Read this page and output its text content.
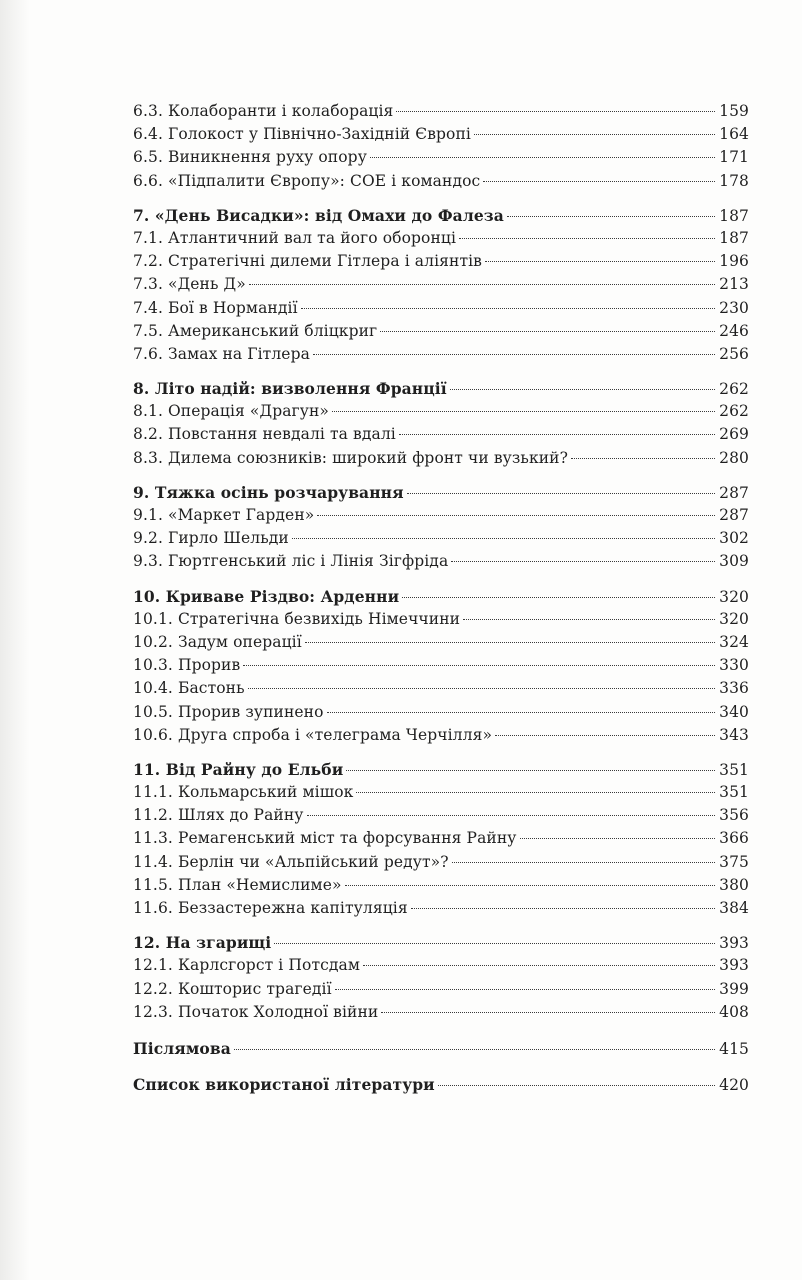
6.3. Колаборанти і колаборація	159
6.4. Голокост у Північно-Західній Європі	164
6.5. Виникнення руху опору	171
6.6. «Підпалити Європу»: СОЕ і командос	178
7. «День Висадки»: від Омахи до Фалеза	187
7.1. Атлантичний вал та його оборонці	187
7.2. Стратегічні дилеми Гітлера і аліянтів	196
7.3. «День Д»	213
7.4. Бої в Нормандії	230
7.5. Американський бліцкриг	246
7.6. Замах на Гітлера	256
8. Літо надій: визволення Франції	262
8.1. Операція «Драгун»	262
8.2. Повстання невдалі та вдалі	269
8.3. Дилема союзників: широкий фронт чи вузький?	280
9. Тяжка осінь розчарування	287
9.1. «Маркет Гарден»	287
9.2. Гирло Шельди	302
9.3. Гюртгенський ліс і Лінія Зігфріда	309
10. Криваве Різдво: Арденни	320
10.1. Стратегічна безвихідь Німеччини	320
10.2. Задум операції	324
10.3. Прорив	330
10.4. Бастонь	336
10.5. Прорив зупинено	340
10.6. Друга спроба і «телеграма Черчілля»	343
11. Від Райну до Ельби	351
11.1. Кольмарський мішок	351
11.2. Шлях до Райну	356
11.3. Ремагенський міст та форсування Райну	366
11.4. Берлін чи «Альпійський редут»?	375
11.5. План «Немислиме»	380
11.6. Беззастережна капітуляція	384
12. На згарищі	393
12.1. Карлсгорст і Потсдам	393
12.2. Кошторис трагедії	399
12.3. Початок Холодної війни	408
Післямова	415
Список використаної літератури	420
